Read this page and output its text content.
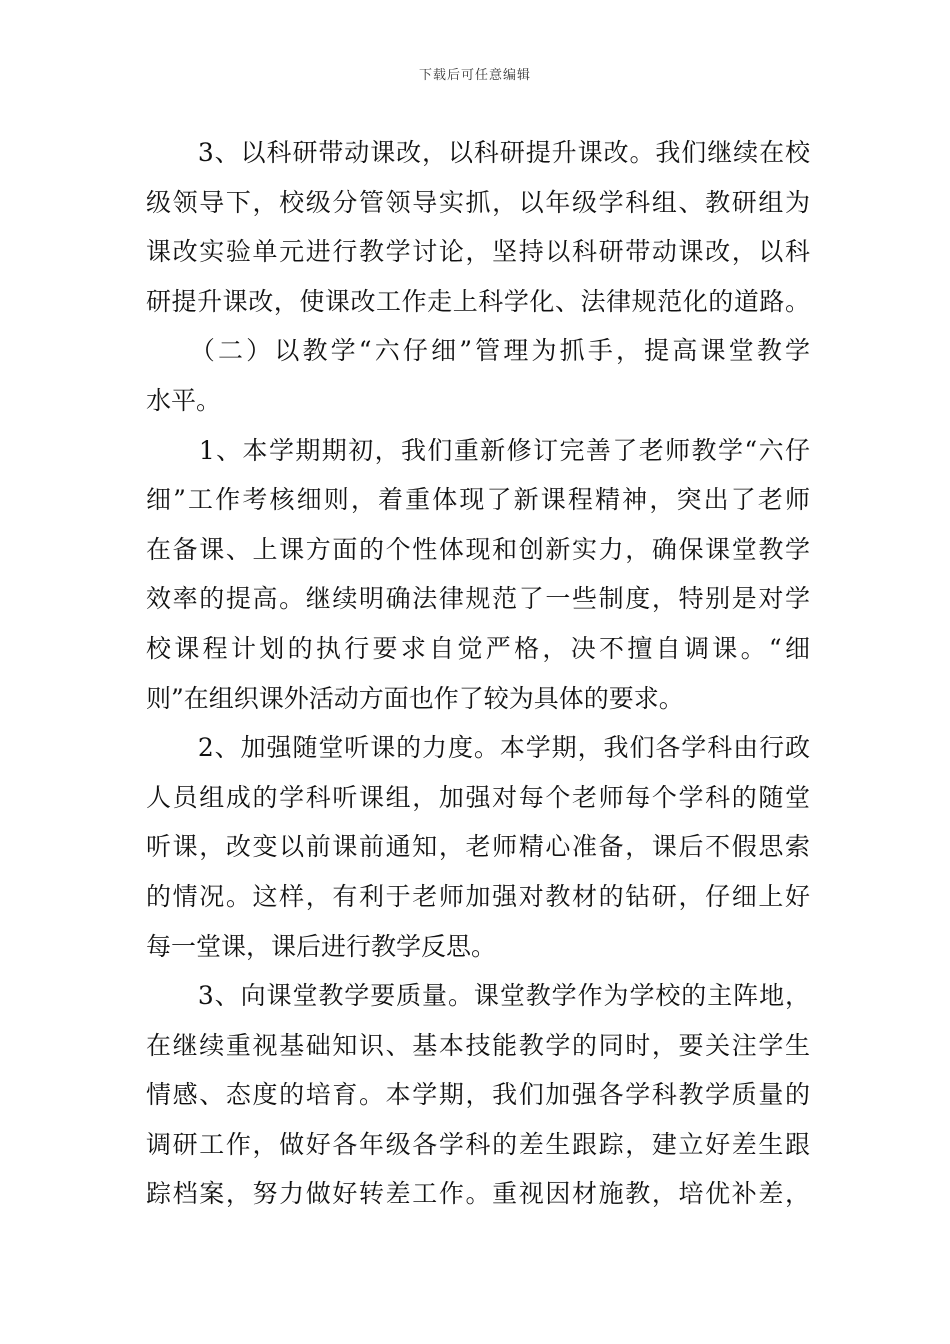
下载后可任意编辑
　　3、以科研带动课改，以科研提升课改。我们继续在校
级领导下，校级分管领导实抓，以年级学科组、教研组为
课改实验单元进行教学讨论，坚持以科研带动课改，以科
研提升课改，使课改工作走上科学化、法律规范化的道路。
　　（二）以教学“六仔细”管理为抓手，提高课堂教学
水平。
　　1、本学期期初，我们重新修订完善了老师教学“六仔
细”工作考核细则，着重体现了新课程精神，突出了老师
在备课、上课方面的个性体现和创新实力，确保课堂教学
效率的提高。继续明确法律规范了一些制度，特别是对学
校课程计划的执行要求自觉严格，决不擅自调课。“细
则”在组织课外活动方面也作了较为具体的要求。
　　2、加强随堂听课的力度。本学期，我们各学科由行政
人员组成的学科听课组，加强对每个老师每个学科的随堂
听课，改变以前课前通知，老师精心准备，课后不假思索
的情况。这样，有利于老师加强对教材的钻研，仔细上好
每一堂课，课后进行教学反思。
　　3、向课堂教学要质量。课堂教学作为学校的主阵地，
在继续重视基础知识、基本技能教学的同时，要关注学生
情感、态度的培育。本学期，我们加强各学科教学质量的
调研工作，做好各年级各学科的差生跟踪，建立好差生跟
踪档案，努力做好转差工作。重视因材施教，培优补差，
